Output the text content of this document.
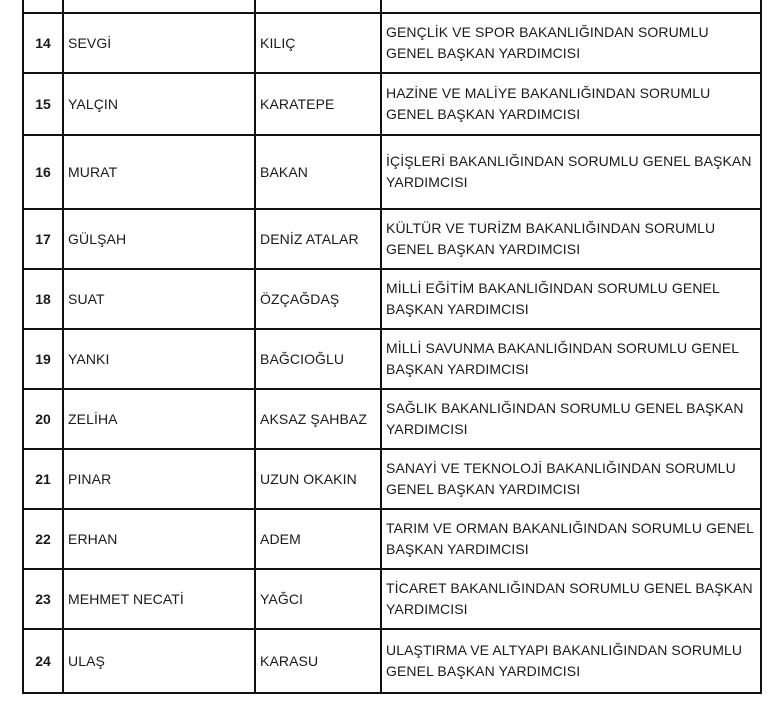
14	SEVGİ	KILIÇ	GENÇLİK VE SPOR BAKANLIĞINDAN SORUMLU GENEL BAŞKAN YARDIMCISI
15	YALÇIN	KARATEPE	HAZİNE VE MALİYE BAKANLIĞINDAN SORUMLU GENEL BAŞKAN YARDIMCISI
16	MURAT	BAKAN	İÇİŞLERİ BAKANLIĞINDAN SORUMLU GENEL BAŞKAN YARDIMCISI
17	GÜLŞAH	DENİZ ATALAR	KÜLTÜR VE TURİZM BAKANLIĞINDAN SORUMLU GENEL BAŞKAN YARDIMCISI
18	SUAT	ÖZÇAĞDAŞ	MİLLİ EĞİTİM BAKANLIĞINDAN SORUMLU GENEL BAŞKAN YARDIMCISI
19	YANKI	BAĞCIOĞLU	MİLLİ SAVUNMA BAKANLIĞINDAN SORUMLU GENEL BAŞKAN YARDIMCISI
20	ZELİHA	AKSAZ ŞAHBAZ	SAĞLIK BAKANLIĞINDAN SORUMLU GENEL BAŞKAN YARDIMCISI
21	PINAR	UZUN OKAKIN	SANAYİ VE TEKNOLOJİ BAKANLIĞINDAN SORUMLU GENEL BAŞKAN YARDIMCISI
22	ERHAN	ADEM	TARIM VE ORMAN BAKANLIĞINDAN SORUMLU GENEL BAŞKAN YARDIMCISI
23	MEHMET NECATİ	YAĞCI	TİCARET BAKANLIĞINDAN SORUMLU GENEL BAŞKAN YARDIMCISI
24	ULAŞ	KARASU	ULAŞTIRMA VE ALTYAPI BAKANLIĞINDAN SORUMLU GENEL BAŞKAN YARDIMCISI
